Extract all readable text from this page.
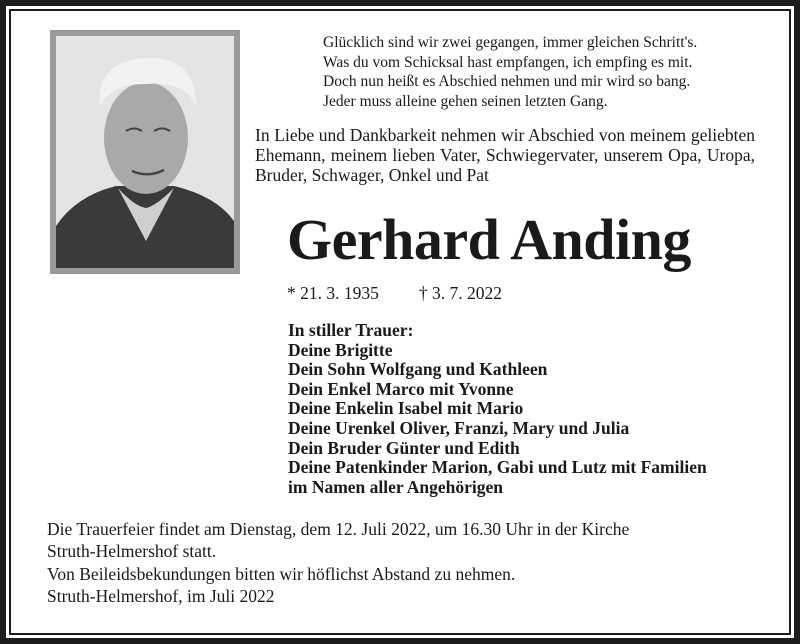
Glücklich sind wir zwei gegangen, immer gleichen Schritt's.
Was du vom Schicksal hast empfangen, ich empfing es mit.
Doch nun heißt es Abschied nehmen und mir wird so bang.
Jeder muss alleine gehen seinen letzten Gang.
In Liebe und Dankbarkeit nehmen wir Abschied von meinem geliebten Ehemann, meinem lieben Vater, Schwiegervater, unserem Opa, Uropa, Bruder, Schwager, Onkel und Pat
Gerhard Anding
* 21. 3. 1935 † 3. 7. 2022
In stiller Trauer:
Deine Brigitte
Dein Sohn Wolfgang und Kathleen
Dein Enkel Marco mit Yvonne
Deine Enkelin Isabel mit Mario
Deine Urenkel Oliver, Franzi, Mary und Julia
Dein Bruder Günter und Edith
Deine Patenkinder Marion, Gabi und Lutz mit Familien
im Namen aller Angehörigen
Die Trauerfeier findet am Dienstag, dem 12. Juli 2022, um 16.30 Uhr in der Kirche
Struth-Helmershof statt.
Von Beileidsbekundungen bitten wir höflichst Abstand zu nehmen.
Struth-Helmershof, im Juli 2022
